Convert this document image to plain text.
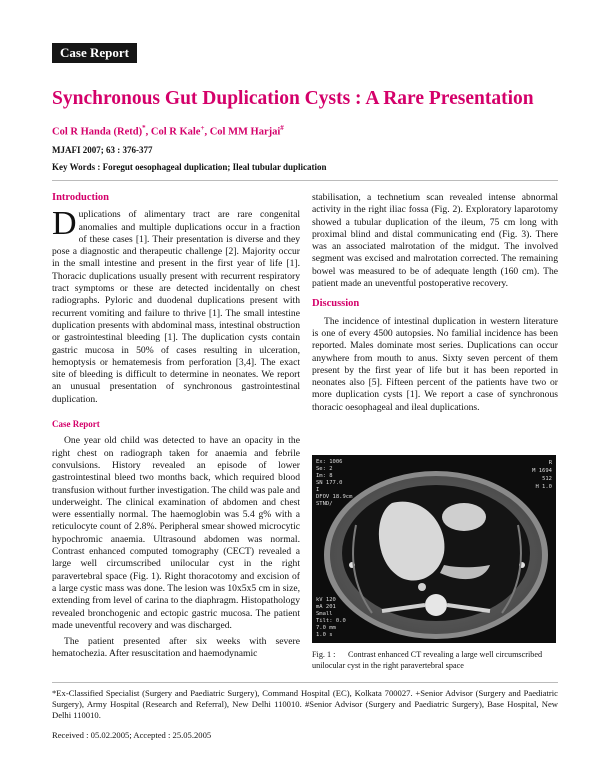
Case Report
Synchronous Gut Duplication Cysts : A Rare Presentation
Col R Handa (Retd)*, Col R Kale+, Col MM Harjai#
MJAFI 2007; 63 : 376-377
Key Words : Foregut oesophageal duplication; Ileal tubular duplication
Introduction

Duplications of alimentary tract are rare congenital anomalies and multiple duplications occur in a fraction of these cases [1]. Their presentation is diverse and they pose a diagnostic and therapeutic challenge [2]. Majority occur in the small intestine and present in the first year of life [1]. Thoracic duplications usually present with recurrent respiratory tract symptoms or these are detected incidentally on chest radiographs. Pyloric and duodenal duplications present with recurrent vomiting and failure to thrive [1]. The small intestine duplication presents with abdominal mass, intestinal obstruction or gastrointestinal bleeding [1]. The duplication cysts contain gastric mucosa in 50% of cases resulting in ulceration, hemoptysis or hematemesis from perforation [3,4]. The exact site of bleeding is difficult to determine in neonates. We report an unusual presentation of synchronous gastrointestinal duplication.

Case Report

One year old child was detected to have an opacity in the right chest on radiograph taken for anaemia and febrile convulsions. History revealed an episode of lower gastrointestinal bleed two months back, which required blood transfusion without further investigation. The child was pale and underweight. The clinical examination of abdomen and chest were essentially normal. The haemoglobin was 5.4 g% with a reticulocyte count of 2.8%. Peripheral smear showed microcytic hypochromic anaemia. Ultrasound abdomen was normal. Contrast enhanced computed tomography (CECT) revealed a large well circumscribed unilocular cyst in the right paravertebral space (Fig. 1). Right thoracotomy and excision of a large cystic mass was done. The lesion was 10x5x5 cm in size, extending from level of carina to the diaphragm. Histopathology revealed bronchogenic and ectopic gastric mucosa. The patient made uneventful recovery and was discharged.

The patient presented after six weeks with severe hematochezia. After resuscitation and haemodynamic

stabilisation, a technetium scan revealed intense abnormal activity in the right iliac fossa (Fig. 2). Exploratory laparotomy showed a tubular duplication of the ileum, 75 cm long with proximal blind and distal communicating end (Fig. 3). There was an associated malrotation of the midgut. The involved segment was excised and malrotation corrected. The remaining bowel was measured to be of adequate length (160 cm). The patient made an uneventful postoperative recovery.

Discussion

The incidence of intestinal duplication in western literature is one of every 4500 autopsies. No familial incidence has been reported. Males dominate most series. Duplications can occur anywhere from mouth to anus. Sixty seven percent of them present by the first year of life but it has been reported in neonates also [5]. Fifteen percent of the patients have two or more duplication cysts [1]. We report a case of synchronous thoracic oesophageal and ileal duplications.

Ex: 1006
Se: 2
Im: 8
SN 177.0
I
DFOV 18.9cm
STND/
R
M 1694
512
H 1.0
kV 120
mA 201
Small
Tilt: 0.0
7.0 mm
1.0 s
Fig. 1 : Contrast enhanced CT revealing a large well circumscribed unilocular cyst in the right paravertebral space
*Ex-Classified Specialist (Surgery and Paediatric Surgery), Command Hospital (EC), Kolkata 700027. +Senior Advisor (Surgery and Paediatric Surgery), Army Hospital (Research and Referral), New Delhi 110010. #Senior Advisor (Surgery and Paediatric Surgery), Base Hospital, New Delhi 110010.
Received : 05.02.2005; Accepted : 25.05.2005
